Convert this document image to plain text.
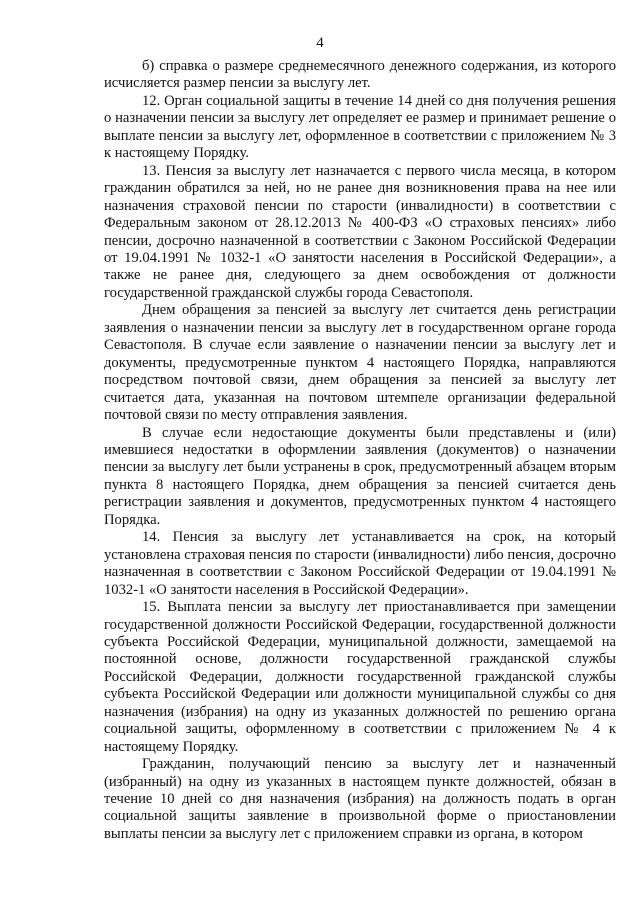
4

б) справка о размере среднемесячного денежного содержания, из которого исчисляется размер пенсии за выслугу лет.

12. Орган социальной защиты в течение 14 дней со дня получения решения о назначении пенсии за выслугу лет определяет ее размер и принимает решение о выплате пенсии за выслугу лет, оформленное в соответствии с приложением № 3 к настоящему Порядку.

13. Пенсия за выслугу лет назначается с первого числа месяца, в котором гражданин обратился за ней, но не ранее дня возникновения права на нее или назначения страховой пенсии по старости (инвалидности) в соответствии с Федеральным законом от 28.12.2013 № 400-ФЗ «О страховых пенсиях» либо пенсии, досрочно назначенной в соответствии с Законом Российской Федерации от 19.04.1991 № 1032-1 «О занятости населения в Российской Федерации», а также не ранее дня, следующего за днем освобождения от должности государственной гражданской службы города Севастополя.

Днем обращения за пенсией за выслугу лет считается день регистрации заявления о назначении пенсии за выслугу лет в государственном органе города Севастополя. В случае если заявление о назначении пенсии за выслугу лет и документы, предусмотренные пунктом 4 настоящего Порядка, направляются посредством почтовой связи, днем обращения за пенсией за выслугу лет считается дата, указанная на почтовом штемпеле организации федеральной почтовой связи по месту отправления заявления.

В случае если недостающие документы были представлены и (или) имевшиеся недостатки в оформлении заявления (документов) о назначении пенсии за выслугу лет были устранены в срок, предусмотренный абзацем вторым пункта 8 настоящего Порядка, днем обращения за пенсией считается день регистрации заявления и документов, предусмотренных пунктом 4 настоящего Порядка.

14. Пенсия за выслугу лет устанавливается на срок, на который установлена страховая пенсия по старости (инвалидности) либо пенсия, досрочно назначенная в соответствии с Законом Российской Федерации от 19.04.1991 № 1032-1 «О занятости населения в Российской Федерации».

15. Выплата пенсии за выслугу лет приостанавливается при замещении государственной должности Российской Федерации, государственной должности субъекта Российской Федерации, муниципальной должности, замещаемой на постоянной основе, должности государственной гражданской службы Российской Федерации, должности государственной гражданской службы субъекта Российской Федерации или должности муниципальной службы со дня назначения (избрания) на одну из указанных должностей по решению органа социальной защиты, оформленному в соответствии с приложением № 4 к настоящему Порядку.

Гражданин, получающий пенсию за выслугу лет и назначенный (избранный) на одну из указанных в настоящем пункте должностей, обязан в течение 10 дней со дня назначения (избрания) на должность подать в орган социальной защиты заявление в произвольной форме о приостановлении выплаты пенсии за выслугу лет с приложением справки из органа, в котором
